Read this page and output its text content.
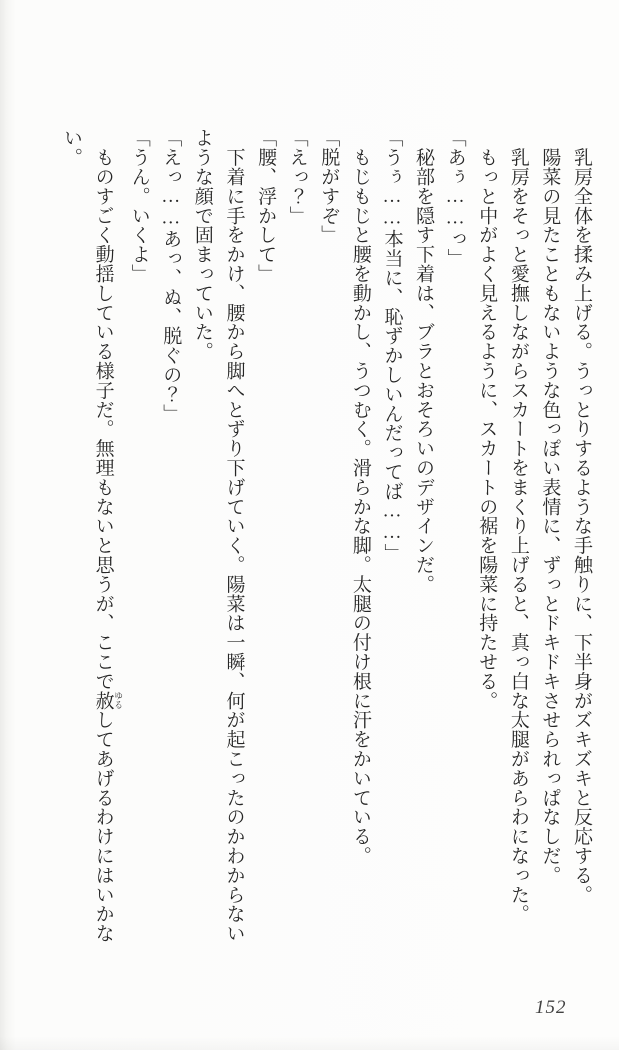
　乳房全体を揉み上げる。うっとりするような手触りに、下半身がズキズキと反応する。

　陽菜の見たこともないような色っぽい表情に、ずっとドキドキさせられっぱなしだ。

　乳房をそっと愛撫しながらスカートをまくり上げると、真っ白な太腿があらわになった。

　もっと中がよく見えるように、スカートの裾を陽菜に持たせる。

「あぅ……っ」

　秘部を隠す下着は、ブラとおそろいのデザインだ。

「うぅ……本当に、恥ずかしいんだってば……」

　もじもじと腰を動かし、うつむく。滑らかな脚。太腿の付け根に汗をかいている。

「脱がすぞ」

「えっ？」

「腰、浮かして」

　下着に手をかけ、腰から脚へとずり下げていく。陽菜は一瞬、何が起こったのかわからないような顔で固まっていた。

「えっ……あっ、ぬ、脱ぐの？」

「うん。いくよ」

　ものすごく動揺している様子だ。無理もないと思うが、ここで赦 ゆるしてあげるわけにはいかない。

152
